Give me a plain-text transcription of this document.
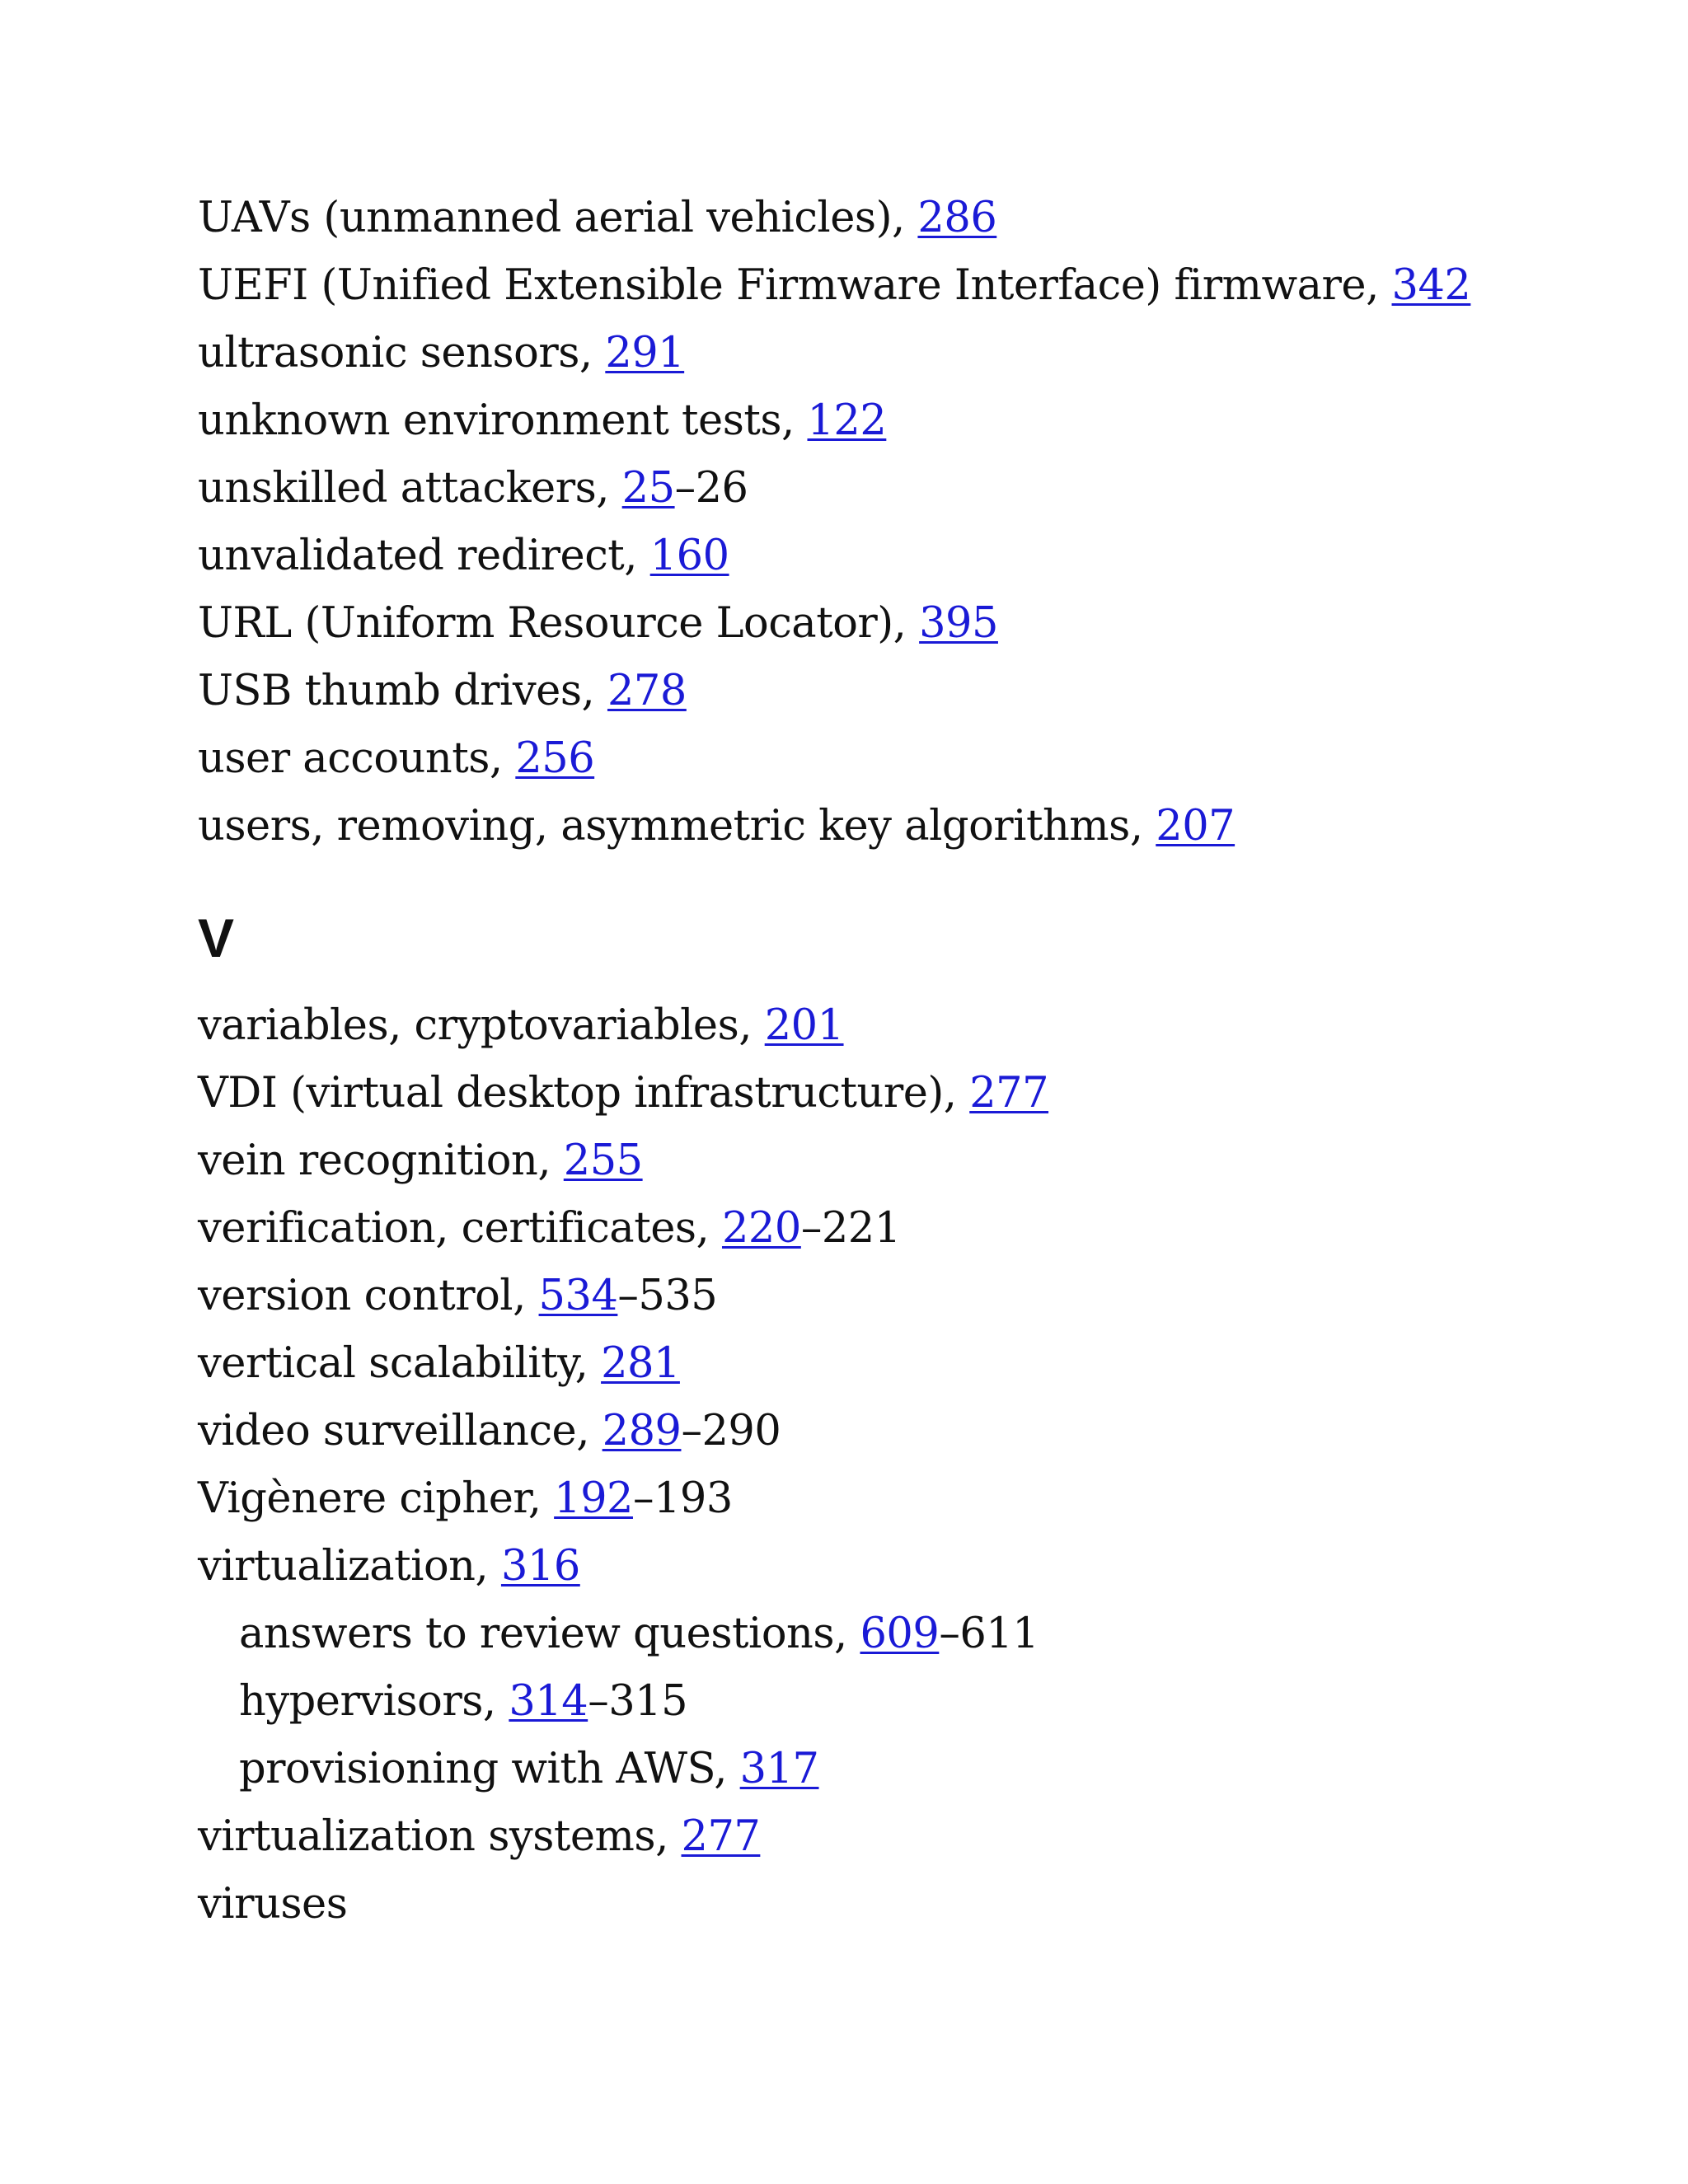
UAVs (unmanned aerial vehicles), 286
UEFI (Unified Extensible Firmware Interface) firmware, 342
ultrasonic sensors, 291
unknown environment tests, 122
unskilled attackers, 25–26
unvalidated redirect, 160
URL (Uniform Resource Locator), 395
USB thumb drives, 278
user accounts, 256
users, removing, asymmetric key algorithms, 207
V
variables, cryptovariables, 201
VDI (virtual desktop infrastructure), 277
vein recognition, 255
verification, certificates, 220–221
version control, 534–535
vertical scalability, 281
video surveillance, 289–290
Vigènere cipher, 192–193
virtualization, 316
answers to review questions, 609–611
hypervisors, 314–315
provisioning with AWS, 317
virtualization systems, 277
viruses
